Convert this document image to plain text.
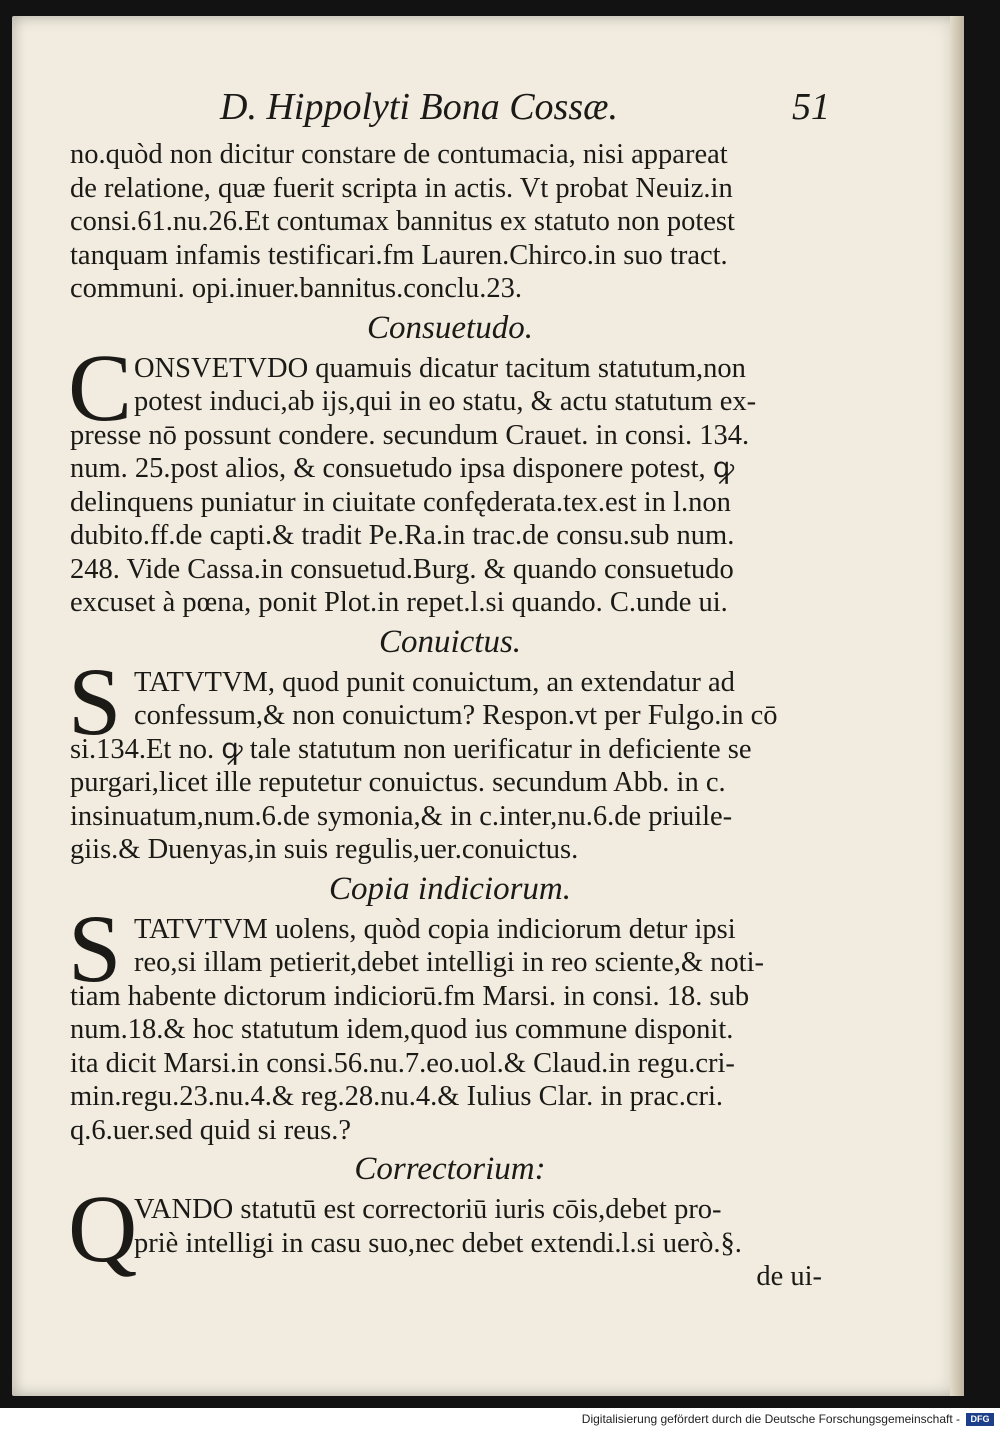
D. Hippolyti Bona Cossæ.	51
no.quòd non dicitur constare de contumacia, nisi appareat
de relatione, quæ fuerit scripta in actis. Vt probat Neuiz.in
consi.61.nu.26.Et contumax bannitus ex statuto non potest
tanquam infamis testificari.fm Lauren.Chirco.in suo tract.
communi. opi.inuer.bannitus.conclu.23.
Consuetudo.
C ONSVETVDO quamuis dicatur tacitum statutum,non
potest induci,ab ijs,qui in eo statu, & actu statutum ex-
presse nō possunt condere. secundum Crauet. in consi. 134.
num. 25.post alios, & consuetudo ipsa disponere potest, ꝙ
delinquens puniatur in ciuitate confęderata.tex.est in l.non
dubito.ff.de capti.& tradit Pe.Ra.in trac.de consu.sub num.
248. Vide Cassa.in consuetud.Burg. & quando consuetudo
excuset à pœna, ponit Plot.in repet.l.si quando. C.unde ui.
Conuictus.
S TATVTVM, quod punit conuictum, an extendatur ad
confessum,& non conuictum? Respon.vt per Fulgo.in cō
si.134.Et no. ꝙ tale statutum non uerificatur in deficiente se
purgari,licet ille reputetur conuictus. secundum Abb. in c.
insinuatum,num.6.de symonia,& in c.inter,nu.6.de priuile-
giis.& Duenyas,in suis regulis,uer.conuictus.
Copia indiciorum.
S TATVTVM uolens, quòd copia indiciorum detur ipsi
reo,si illam petierit,debet intelligi in reo sciente,& noti-
tiam habente dictorum indiciorū.fm Marsi. in consi. 18. sub
num.18.& hoc statutum idem,quod ius commune disponit.
ita dicit Marsi.in consi.56.nu.7.eo.uol.& Claud.in regu.cri-
min.regu.23.nu.4.& reg.28.nu.4.& Iulius Clar. in prac.cri.
q.6.uer.sed quid si reus.?
Correctorium:
Q
VANDO statutū est correctoriū iuris cōis,debet pro-
priè intelligi in casu suo,nec debet extendi.l.si uerò.§.
de ui-
Digitalisierung gefördert durch die Deutsche Forschungsgemeinschaft -	DFG
